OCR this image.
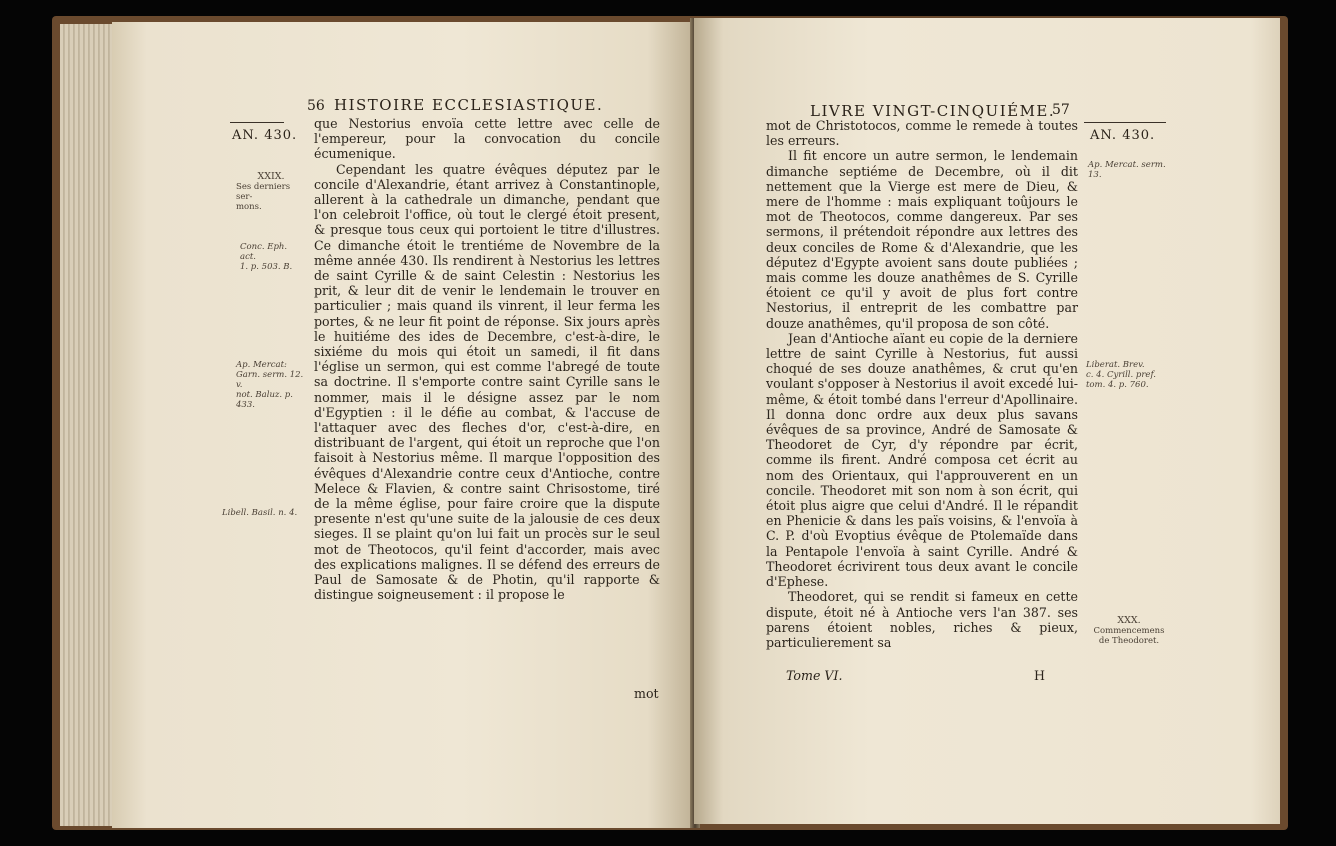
56 HISTOIRE ECCLESIASTIQUE.
AN. 430.
XXIX.
Ses derniers ser-
mons.
Conc. Eph. act.
1. p. 503. B.
Ap. Mercat:
Garn. serm. 12. v.
not. Baluz. p.
433.
Libell. Basil. n. 4.

que Nestorius envoïa cette lettre avec celle de l'empereur, pour la convocation du concile écumenique.

Cependant les quatre évêques députez par le concile d'Alexandrie, étant arrivez à Constantinople, allerent à la cathedrale un dimanche, pendant que l'on celebroit l'office, où tout le clergé étoit present, & presque tous ceux qui portoient le titre d'illustres. Ce dimanche étoit le trentiéme de Novembre de la même année 430. Ils rendirent à Nestorius les lettres de saint Cyrille & de saint Celestin : Nestorius les prit, & leur dit de venir le lendemain le trouver en particulier ; mais quand ils vinrent, il leur ferma les portes, & ne leur fit point de réponse. Six jours après le huitiéme des ides de Decembre, c'est-à-dire, le sixiéme du mois qui étoit un samedi, il fit dans l'église un sermon, qui est comme l'abregé de toute sa doctrine. Il s'emporte contre saint Cyrille sans le nommer, mais il le désigne assez par le nom d'Egyptien : il le défie au combat, & l'accuse de l'attaquer avec des fleches d'or, c'est-à-dire, en distribuant de l'argent, qui étoit un reproche que l'on faisoit à Nestorius même. Il marque l'opposition des évêques d'Alexandrie contre ceux d'Antioche, contre Melece & Flavien, & contre saint Chrisostome, tiré de la même église, pour faire croire que la dispute presente n'est qu'une suite de la jalousie de ces deux sieges. Il se plaint qu'on lui fait un procès sur le seul mot de Theotocos, qu'il feint d'accorder, mais avec des explications malignes. Il se défend des erreurs de Paul de Samosate & de Photin, qu'il rapporte & distingue soigneusement : il propose le

mot
LIVRE VINGT-CINQUIÉME.
57
AN. 430.
Ap. Mercat. serm.
13.
Liberat. Brev.
c. 4. Cyrill. pref.
tom. 4. p. 760.
XXX.
Commencemens
de Theodoret.

mot de Christotocos, comme le remede à toutes les erreurs.

Il fit encore un autre sermon, le lendemain dimanche septiéme de Decembre, où il dit nettement que la Vierge est mere de Dieu, & mere de l'homme : mais expliquant toûjours le mot de Theotocos, comme dangereux. Par ses sermons, il prétendoit répondre aux lettres des deux conciles de Rome & d'Alexandrie, que les députez d'Egypte avoient sans doute publiées ; mais comme les douze anathêmes de S. Cyrille étoient ce qu'il y avoit de plus fort contre Nestorius, il entreprit de les combattre par douze anathêmes, qu'il proposa de son côté.

Jean d'Antioche aïant eu copie de la derniere lettre de saint Cyrille à Nestorius, fut aussi choqué de ses douze anathêmes, & crut qu'en voulant s'opposer à Nestorius il avoit excedé lui-même, & étoit tombé dans l'erreur d'Apollinaire. Il donna donc ordre aux deux plus savans évêques de sa province, André de Samosate & Theodoret de Cyr, d'y répondre par écrit, comme ils firent. André composa cet écrit au nom des Orientaux, qui l'approuverent en un concile. Theodoret mit son nom à son écrit, qui étoit plus aigre que celui d'André. Il le répandit en Phenicie & dans les païs voisins, & l'envoïa à C. P. d'où Evoptius évêque de Ptolemaïde dans la Pentapole l'envoïa à saint Cyrille. André & Theodoret écrivirent tous deux avant le concile d'Ephese.

Theodoret, qui se rendit si fameux en cette dispute, étoit né à Antioche vers l'an 387. ses parens étoient nobles, riches & pieux, particulierement sa

Tome VI.	H
